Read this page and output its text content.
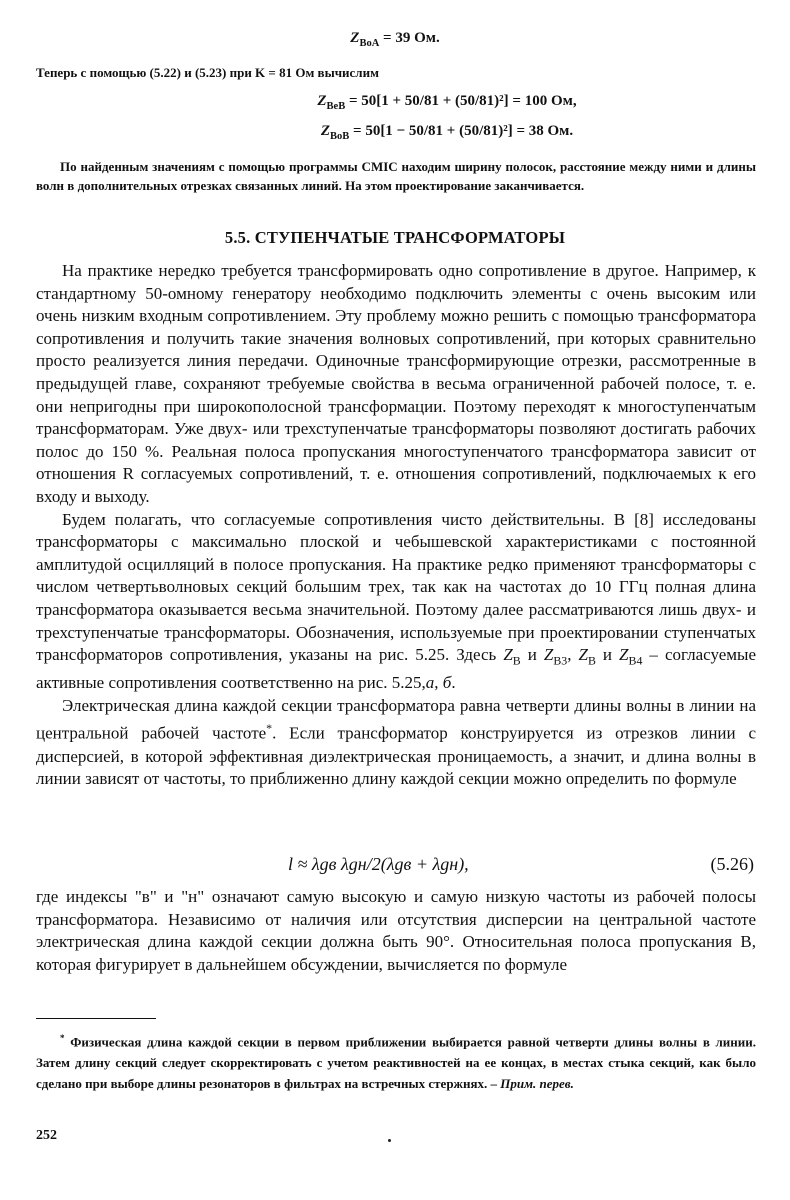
$Z_{BoA} = 39$ Ом.
Теперь с помощью (5.22) и (5.23) при K = 81 Ом вычислим
$Z_{BeB} = 50[1 + 50/81 + (50/81)^2] = 100$ Ом,
$Z_{BoB} = 50[1 - 50/81 + (50/81)^2] = 38$ Ом.
По найденным значениям с помощью программы CMIC находим ширину полосок, расстояние между ними и длины волн в дополнительных отрезках связанных линий. На этом проектирование заканчивается.
5.5. СТУПЕНЧАТЫЕ ТРАНСФОРМАТОРЫ

На практике нередко требуется трансформировать одно сопротивление в другое. Например, к стандартному 50-омному генератору необходимо подключить элементы с очень высоким или очень низким входным сопротивлением. Эту проблему можно решить с помощью трансформатора сопротивления и получить такие значения волновых сопротивлений, при которых сравнительно просто реализуется линия передачи. Одиночные трансформирующие отрезки, рассмотренные в предыдущей главе, сохраняют требуемые свойства в весьма ограниченной рабочей полосе, т. е. они непригодны при широкополосной трансформации. Поэтому переходят к многоступенчатым трансформаторам. Уже двух- или трехступенчатые трансформаторы позволяют достигать рабочих полос до 150 %. Реальная полоса пропускания многоступенчатого трансформатора зависит от отношения R согласуемых сопротивлений, т. е. отношения сопротивлений, подключаемых к его входу и выходу.

Будем полагать, что согласуемые сопротивления чисто действительны. В [8] исследованы трансформаторы с максимально плоской и чебышевской характеристиками с постоянной амплитудой осцилляций в полосе пропускания. На практике редко применяют трансформаторы с числом четвертьволновых секций большим трех, так как на частотах до 10 ГГц полная длина трансформатора оказывается весьма значительной. Поэтому далее рассматриваются лишь двух- и трехступенчатые трансформаторы. Обозначения, используемые при проектировании ступенчатых трансформаторов сопротивления, указаны на рис. 5.25. Здесь $Z_B$ и $Z_{B3}$, $Z_B$ и $Z_{B4}$ – согласуемые активные сопротивления соответственно на рис. 5.25,а, б.

Электрическая длина каждой секции трансформатора равна четверти длины волны в линии на центральной рабочей частоте*. Если трансформатор конструируется из отрезков линии с дисперсией, в которой эффективная диэлектрическая проницаемость, а значит, и длина волны в линии зависят от частоты, то приближенно длину каждой секции можно определить по формуле

l ≈ λgв λgн/2(λgв + λgн),	(5.26)

где индексы "в" и "н" означают самую высокую и самую низкую частоты из рабочей полосы трансформатора. Независимо от наличия или отсутствия дисперсии на центральной частоте электрическая длина каждой секции должна быть 90°. Относительная полоса пропускания B, которая фигурирует в дальнейшем обсуждении, вычисляется по формуле

* Физическая длина каждой секции в первом приближении выбирается равной четверти длины волны в линии. Затем длину секций следует скорректировать с учетом реактивностей на ее концах, в местах стыка секций, как было сделано при выборе длины резонаторов в фильтрах на встречных стержнях. – Прим. перев.
252
